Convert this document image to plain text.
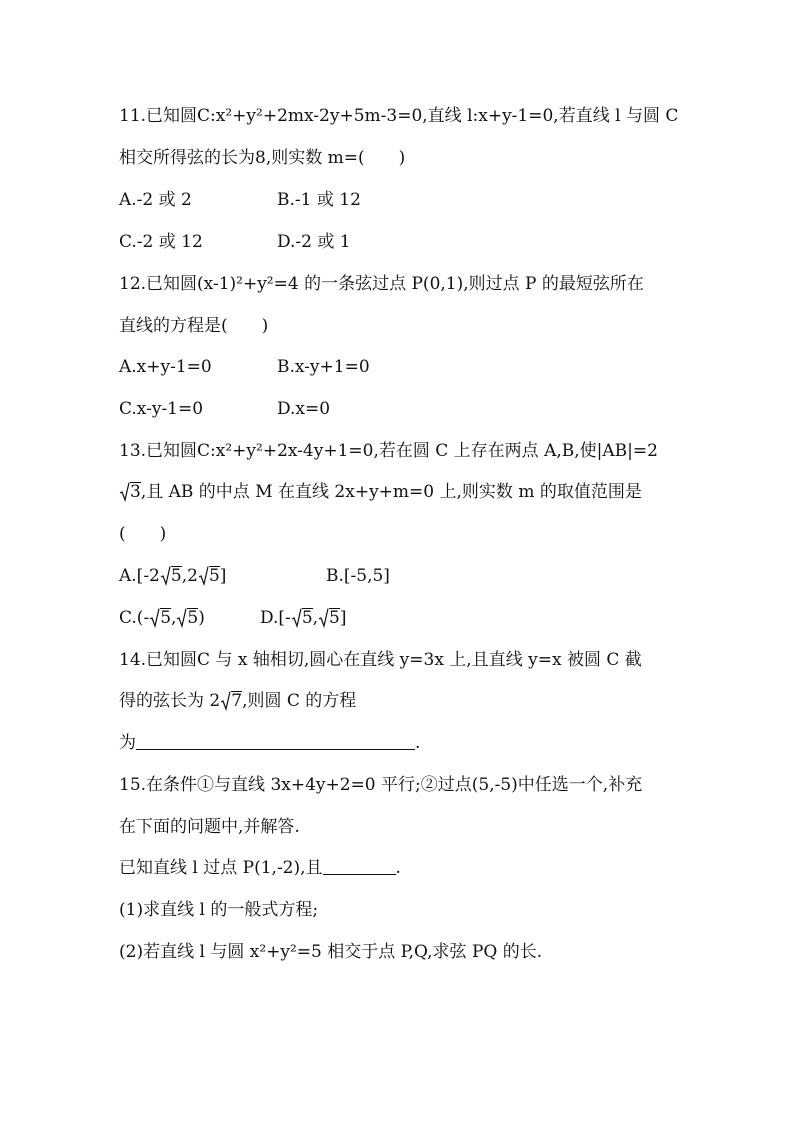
11.已知圆C:x²+y²+2mx-2y+5m-3=0,直线 l:x+y-1=0,若直线 l 与圆 C
相交所得弦的长为8,则实数 m=(　　)
A.-2 或 2	B.-1 或 12
C.-2 或 12	D.-2 或 1
12.已知圆(x-1)²+y²=4 的一条弦过点 P(0,1),则过点 P 的最短弦所在
直线的方程是(　　)
A.x+y-1=0	B.x-y+1=0
C.x-y-1=0	D.x=0
13.已知圆C:x²+y²+2x-4y+1=0,若在圆 C 上存在两点 A,B,使|AB|=2
3,且 AB 的中点 M 在直线 2x+y+m=0 上,则实数 m 的取值范围是
(　　)
A.[-2 5,2 5]	B.[-5,5]
C.(- 5, 5)	D.[- 5, 5]
14.已知圆C 与 x 轴相切,圆心在直线 y=3x 上,且直线 y=x 被圆 C 截
得的弦长为 2 7,则圆 C 的方程
为	.
15.在条件①与直线 3x+4y+2=0 平行;②过点(5,-5)中任选一个,补充
在下面的问题中,并解答.
已知直线 l 过点 P(1,-2),且	.
(1)求直线 l 的一般式方程;
(2)若直线 l 与圆 x²+y²=5 相交于点 P,Q,求弦 PQ 的长.
